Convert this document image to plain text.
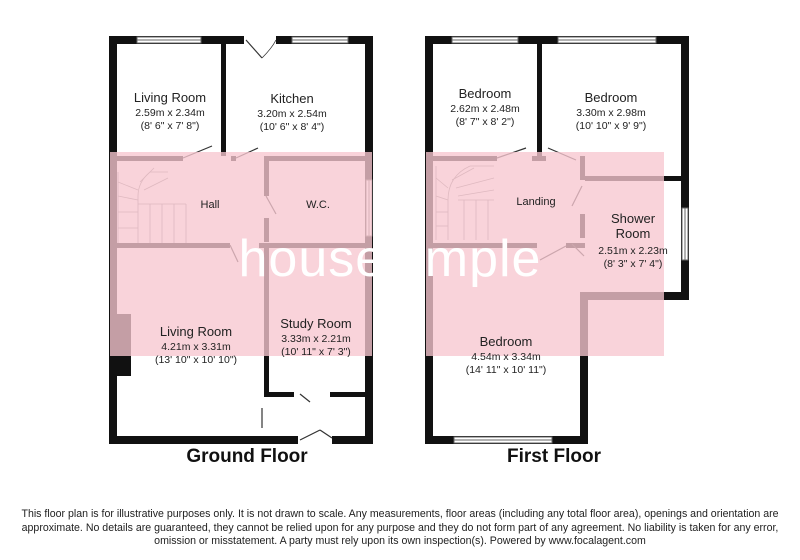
housesimple
Living Room
2.59m x 2.34m
(8' 6" x 7' 8")
Kitchen
3.20m x 2.54m
(10' 6" x 8' 4")
Hall	W.C.
Living Room
4.21m x 3.31m
(13' 10" x 10' 10")
Study Room
3.33m x 2.21m
(10' 11" x 7' 3")
Bedroom
2.62m x 2.48m
(8' 7" x 8' 2")
Bedroom
3.30m x 2.98m
(10' 10" x 9' 9")
Landing
Shower
Room
2.51m x 2.23m
(8' 3" x 7' 4")
Bedroom
4.54m x 3.34m
(14' 11" x 10' 11")
Ground Floor	First Floor
This floor plan is for illustrative purposes only. It is not drawn to scale. Any measurements, floor areas (including any total floor area), openings and orientation are
approximate. No details are guaranteed, they cannot be relied upon for any purpose and they do not form part of any agreement. No liability is taken for any error,
omission or misstatement. A party must rely upon its own inspection(s). Powered by www.focalagent.com
